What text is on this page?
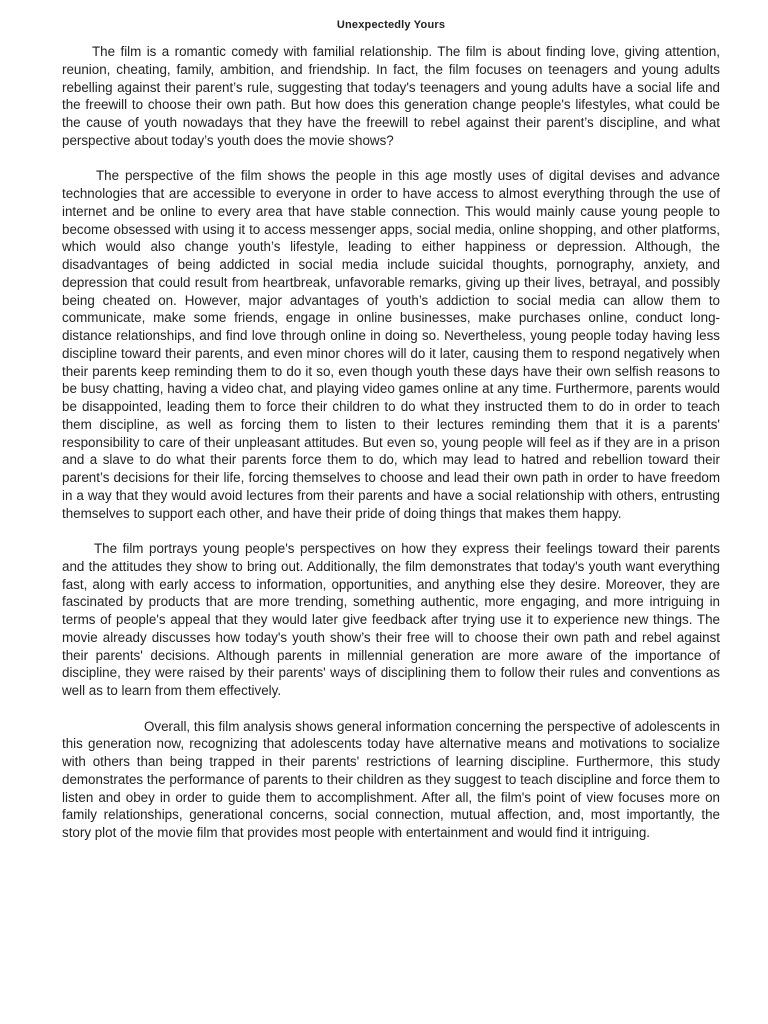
Unexpectedly Yours

The film is a romantic comedy with familial relationship. The film is about finding love, giving attention, reunion, cheating, family, ambition, and friendship. In fact, the film focuses on teenagers and young adults rebelling against their parent’s rule, suggesting that today's teenagers and young adults have a social life and the freewill to choose their own path. But how does this generation change people's lifestyles, what could be the cause of youth nowadays that they have the freewill to rebel against their parent’s discipline, and what perspective about today’s youth does the movie shows?

The perspective of the film shows the people in this age mostly uses of digital devises and advance technologies that are accessible to everyone in order to have access to almost everything through the use of internet and be online to every area that have stable connection. This would mainly cause young people to become obsessed with using it to access messenger apps, social media, online shopping, and other platforms, which would also change youth’s lifestyle, leading to either happiness or depression. Although, the disadvantages of being addicted in social media include suicidal thoughts, pornography, anxiety, and depression that could result from heartbreak, unfavorable remarks, giving up their lives, betrayal, and possibly being cheated on. However, major advantages of youth’s addiction to social media can allow them to communicate, make some friends, engage in online businesses, make purchases online, conduct long-distance relationships, and find love through online in doing so. Nevertheless, young people today having less discipline toward their parents, and even minor chores will do it later, causing them to respond negatively when their parents keep reminding them to do it so, even though youth these days have their own selfish reasons to be busy chatting, having a video chat, and playing video games online at any time. Furthermore, parents would be disappointed, leading them to force their children to do what they instructed them to do in order to teach them discipline, as well as forcing them to listen to their lectures reminding them that it is a parents' responsibility to care of their unpleasant attitudes. But even so, young people will feel as if they are in a prison and a slave to do what their parents force them to do, which may lead to hatred and rebellion toward their parent’s decisions for their life, forcing themselves to choose and lead their own path in order to have freedom in a way that they would avoid lectures from their parents and have a social relationship with others, entrusting themselves to support each other, and have their pride of doing things that makes them happy.

The film portrays young people's perspectives on how they express their feelings toward their parents and the attitudes they show to bring out. Additionally, the film demonstrates that today's youth want everything fast, along with early access to information, opportunities, and anything else they desire. Moreover, they are fascinated by products that are more trending, something authentic, more engaging, and more intriguing in terms of people's appeal that they would later give feedback after trying use it to experience new things. The movie already discusses how today's youth show’s their free will to choose their own path and rebel against their parents' decisions. Although parents in millennial generation are more aware of the importance of discipline, they were raised by their parents' ways of disciplining them to follow their rules and conventions as well as to learn from them effectively.

Overall, this film analysis shows general information concerning the perspective of adolescents in this generation now, recognizing that adolescents today have alternative means and motivations to socialize with others than being trapped in their parents' restrictions of learning discipline. Furthermore, this study demonstrates the performance of parents to their children as they suggest to teach discipline and force them to listen and obey in order to guide them to accomplishment. After all, the film's point of view focuses more on family relationships, generational concerns, social connection, mutual affection, and, most importantly, the story plot of the movie film that provides most people with entertainment and would find it intriguing.
